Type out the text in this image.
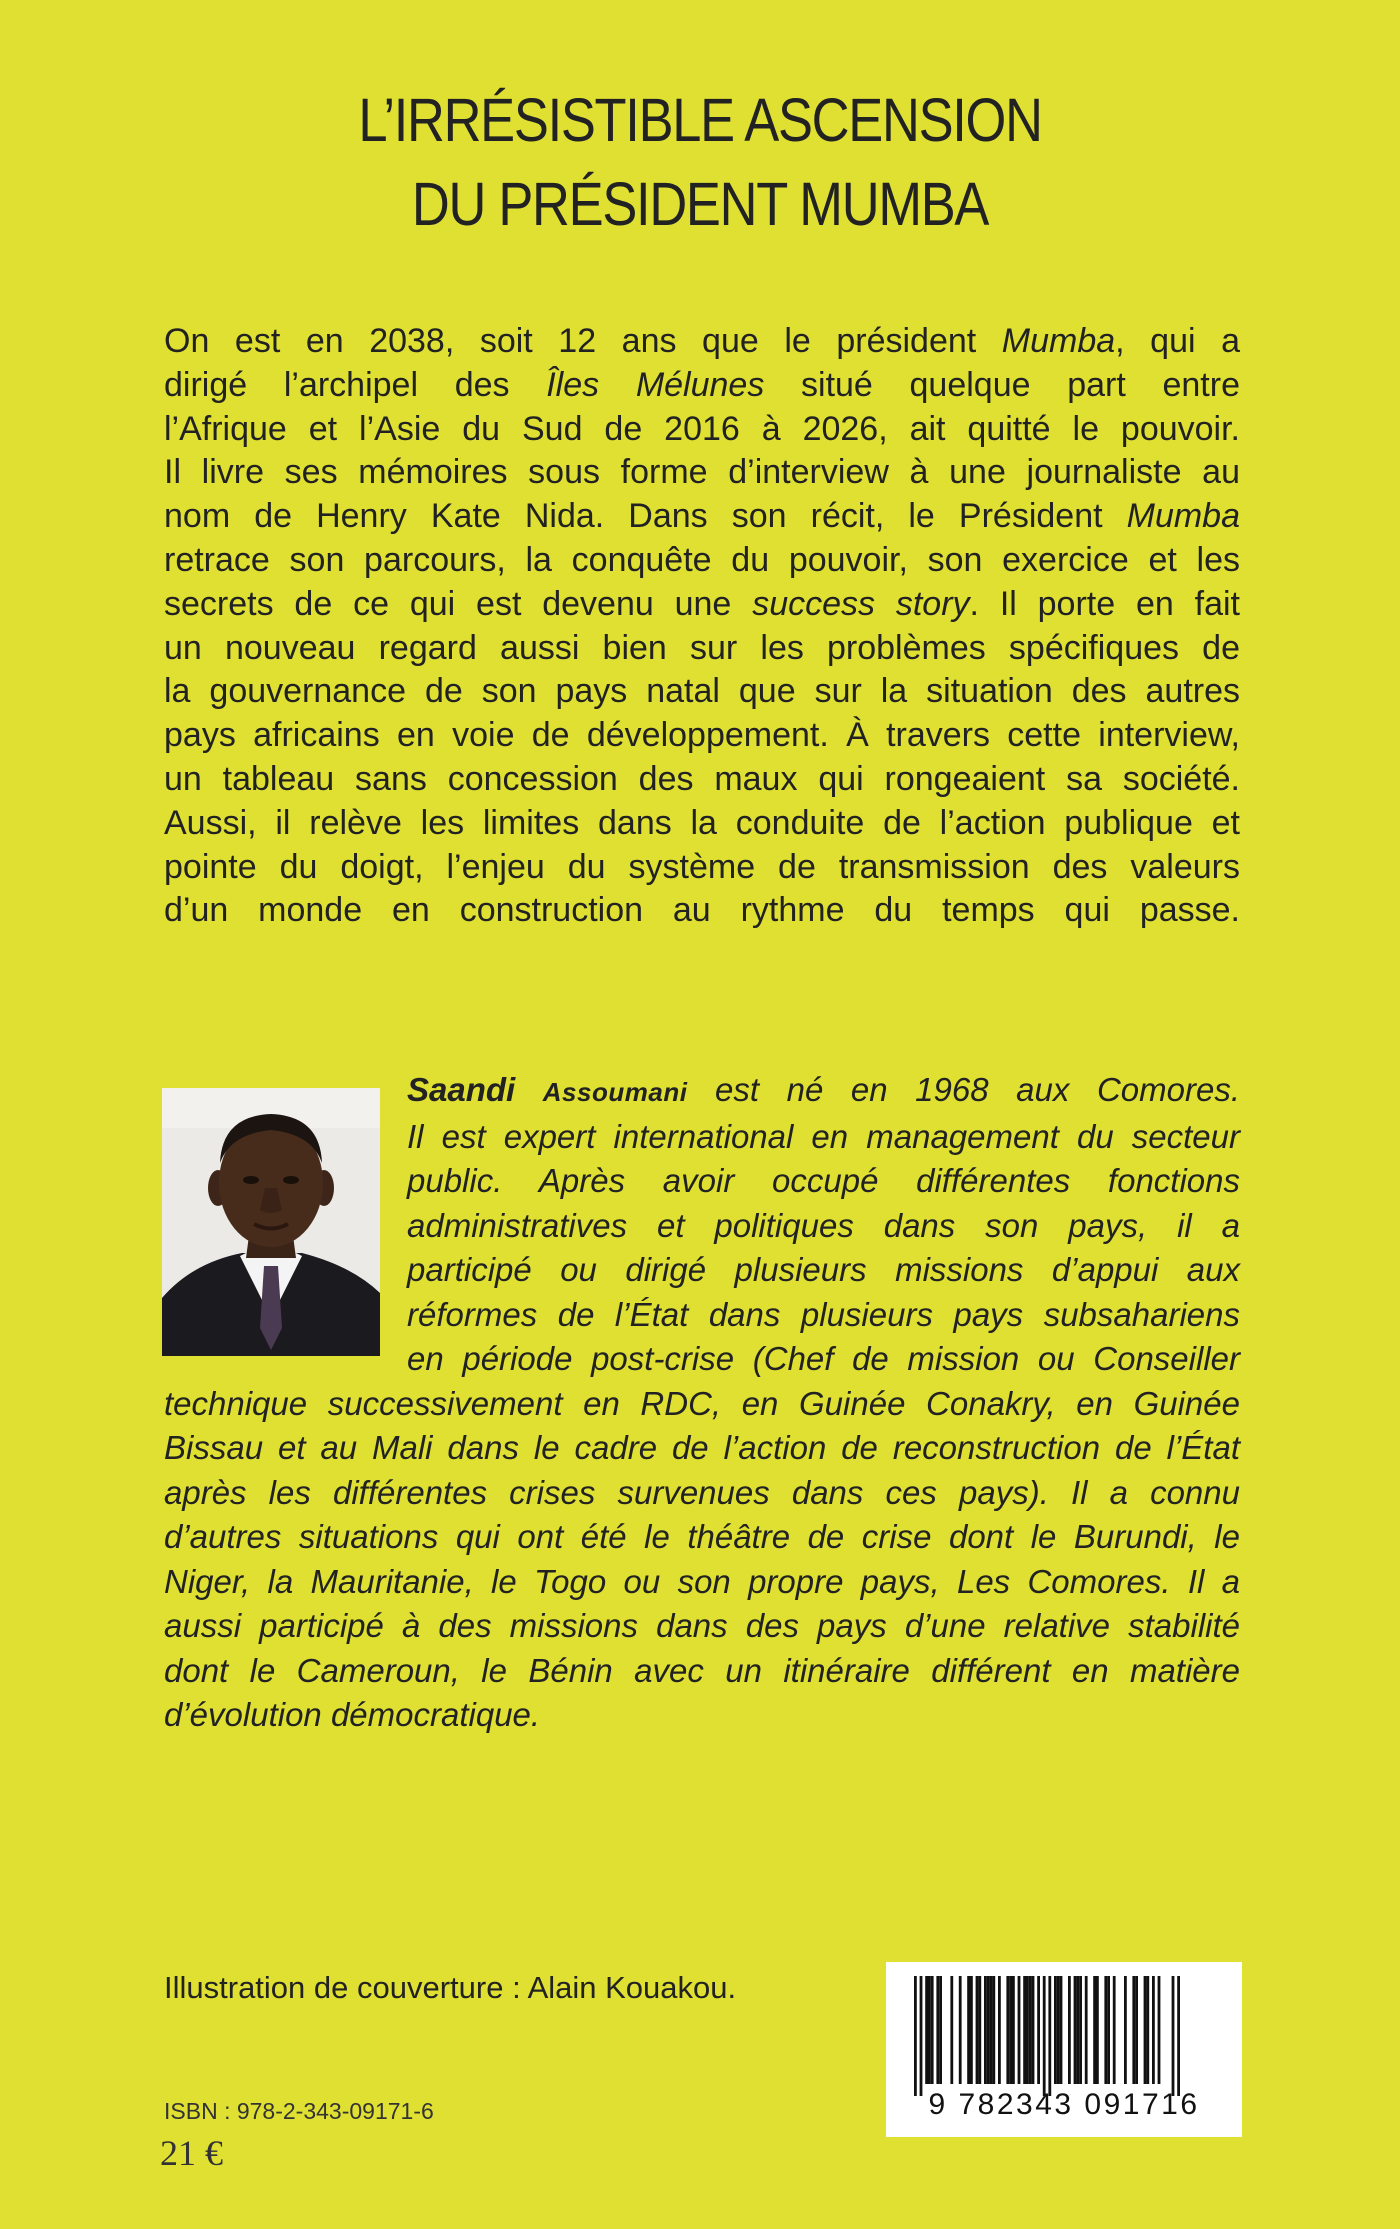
L’IRRÉSISTIBLE ASCENSION
DU PRÉSIDENT MUMBA
On est en 2038, soit 12 ans que le président Mumba, qui a
dirigé l’archipel des Îles Mélunes situé quelque part entre
l’Afrique et l’Asie du Sud de 2016 à 2026, ait quitté le pouvoir.
Il livre ses mémoires sous forme d’interview à une journaliste au
nom de Henry Kate Nida. Dans son récit, le Président Mumba
retrace son parcours, la conquête du pouvoir, son exercice et les
secrets de ce qui est devenu une success story. Il porte en fait
un nouveau regard aussi bien sur les problèmes spécifiques de
la gouvernance de son pays natal que sur la situation des autres
pays africains en voie de développement. À travers cette interview,
un tableau sans concession des maux qui rongeaient sa société.
Aussi, il relève les limites dans la conduite de l’action publique et
pointe du doigt, l’enjeu du système de transmission des valeurs
d’un monde en construction au rythme du temps qui passe.
Saandi Assoumani est né en 1968 aux Comores.
Il est expert international en management du secteur
public. Après avoir occupé différentes fonctions
administratives et politiques dans son pays, il a
participé ou dirigé plusieurs missions d’appui aux
réformes de l’État dans plusieurs pays subsahariens
en période post-crise (Chef de mission ou Conseiller
technique successivement en RDC, en Guinée Conakry, en Guinée
Bissau et au Mali dans le cadre de l’action de reconstruction de l’État
après les différentes crises survenues dans ces pays). Il a connu
d’autres situations qui ont été le théâtre de crise dont le Burundi, le
Niger, la Mauritanie, le Togo ou son propre pays, Les Comores. Il a
aussi participé à des missions dans des pays d’une relative stabilité
dont le Cameroun, le Bénin avec un itinéraire différent en matière
d’évolution démocratique.
Illustration de couverture : Alain Kouakou.
ISBN : 978-2-343-09171-6
21 €
9 782343 091716
